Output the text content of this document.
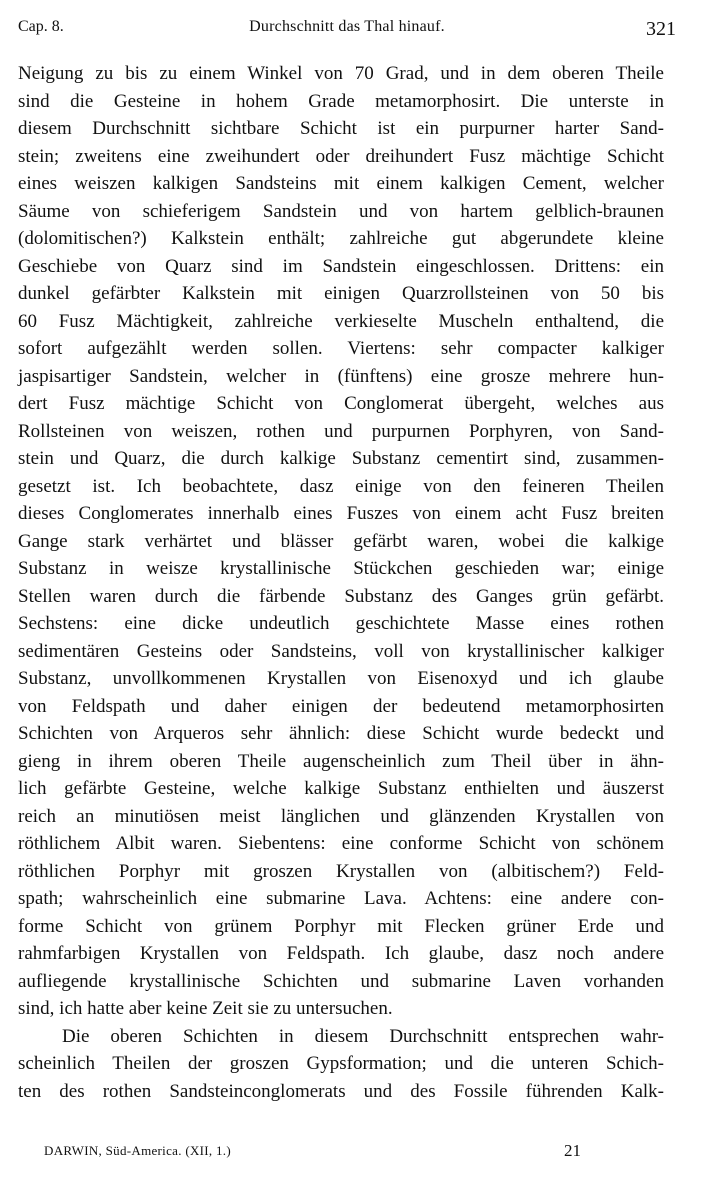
Cap. 8.	Durchschnitt das Thal hinauf.	321
Neigung zu bis zu einem Winkel von 70 Grad, und in dem oberen Theile
sind die Gesteine in hohem Grade metamorphosirt. Die unterste in
diesem Durchschnitt sichtbare Schicht ist ein purpurner harter Sand-
stein; zweitens eine zweihundert oder dreihundert Fusz mächtige Schicht
eines weiszen kalkigen Sandsteins mit einem kalkigen Cement, welcher
Säume von schieferigem Sandstein und von hartem gelblich-braunen
(dolomitischen?) Kalkstein enthält; zahlreiche gut abgerundete kleine
Geschiebe von Quarz sind im Sandstein eingeschlossen. Drittens: ein
dunkel gefärbter Kalkstein mit einigen Quarzrollsteinen von 50 bis
60 Fusz Mächtigkeit, zahlreiche verkieselte Muscheln enthaltend, die
sofort aufgezählt werden sollen. Viertens: sehr compacter kalkiger
jaspisartiger Sandstein, welcher in (fünftens) eine grosze mehrere hun-
dert Fusz mächtige Schicht von Conglomerat übergeht, welches aus
Rollsteinen von weiszen, rothen und purpurnen Porphyren, von Sand-
stein und Quarz, die durch kalkige Substanz cementirt sind, zusammen-
gesetzt ist. Ich beobachtete, dasz einige von den feineren Theilen
dieses Conglomerates innerhalb eines Fuszes von einem acht Fusz breiten
Gange stark verhärtet und blässer gefärbt waren, wobei die kalkige
Substanz in weisze krystallinische Stückchen geschieden war; einige
Stellen waren durch die färbende Substanz des Ganges grün gefärbt.
Sechstens: eine dicke undeutlich geschichtete Masse eines rothen
sedimentären Gesteins oder Sandsteins, voll von krystallinischer kalkiger
Substanz, unvollkommenen Krystallen von Eisenoxyd und ich glaube
von Feldspath und daher einigen der bedeutend metamorphosirten
Schichten von Arqueros sehr ähnlich: diese Schicht wurde bedeckt und
gieng in ihrem oberen Theile augenscheinlich zum Theil über in ähn-
lich gefärbte Gesteine, welche kalkige Substanz enthielten und äuszerst
reich an minutiösen meist länglichen und glänzenden Krystallen von
röthlichem Albit waren. Siebentens: eine conforme Schicht von schönem
röthlichen Porphyr mit groszen Krystallen von (albitischem?) Feld-
spath; wahrscheinlich eine submarine Lava. Achtens: eine andere con-
forme Schicht von grünem Porphyr mit Flecken grüner Erde und
rahmfarbigen Krystallen von Feldspath. Ich glaube, dasz noch andere
aufliegende krystallinische Schichten und submarine Laven vorhanden
sind, ich hatte aber keine Zeit sie zu untersuchen.
Die oberen Schichten in diesem Durchschnitt entsprechen wahr-
scheinlich Theilen der groszen Gypsformation; und die unteren Schich-
ten des rothen Sandsteinconglomerats und des Fossile führenden Kalk-
DARWIN, Süd-America. (XII, 1.)	21
